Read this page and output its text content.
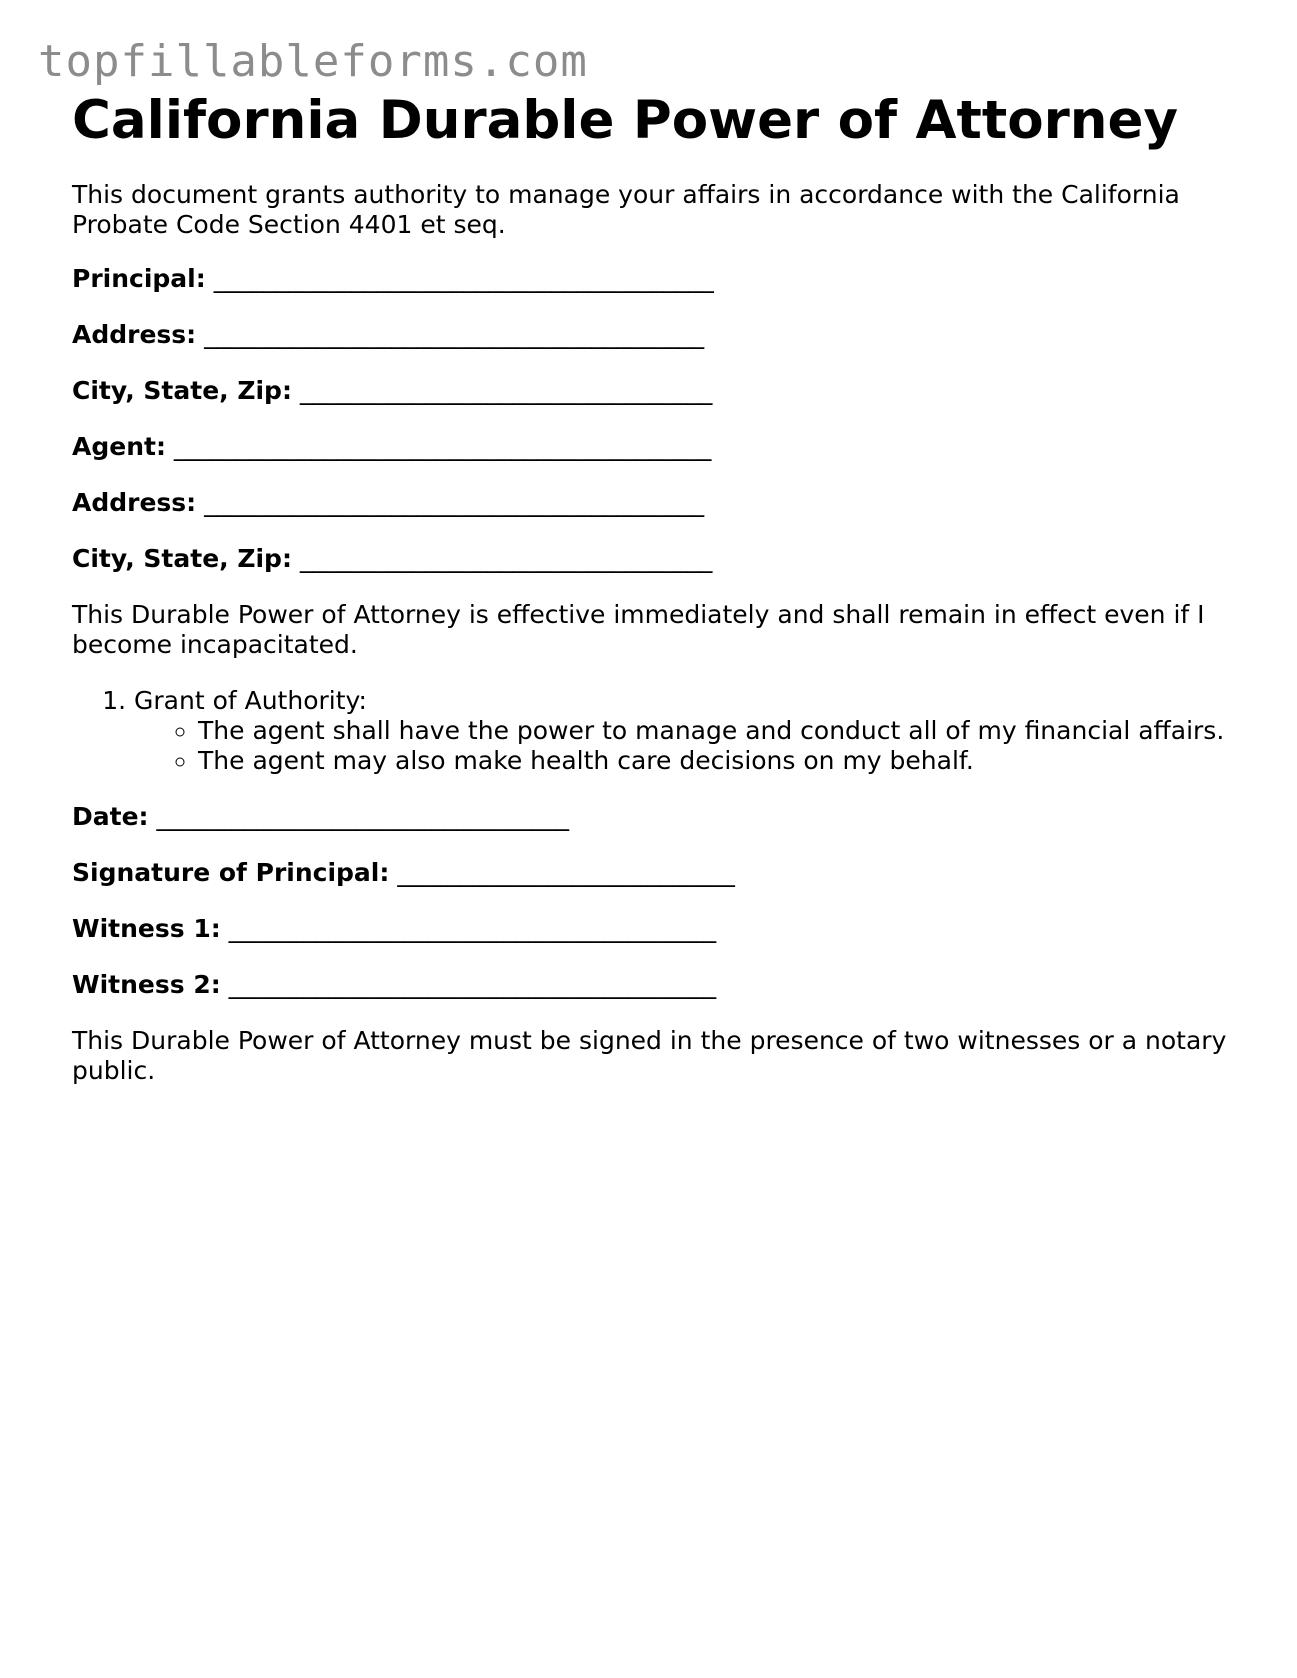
topfillableforms.com
California Durable Power of Attorney

This document grants authority to manage your affairs in accordance with the California Probate Code Section 4401 et seq.

Principal: ________________________________________
Address: ________________________________________
City, State, Zip: _________________________________
Agent: ___________________________________________
Address: ________________________________________
City, State, Zip: _________________________________

This Durable Power of Attorney is effective immediately and shall remain in effect even if I become incapacitated.

1. Grant of Authority:
◦ The agent shall have the power to manage and conduct all of my financial affairs.
◦ The agent may also make health care decisions on my behalf.
Date: _________________________________
Signature of Principal: ___________________________
Witness 1: _______________________________________
Witness 2: _______________________________________

This Durable Power of Attorney must be signed in the presence of two witnesses or a notary public.
